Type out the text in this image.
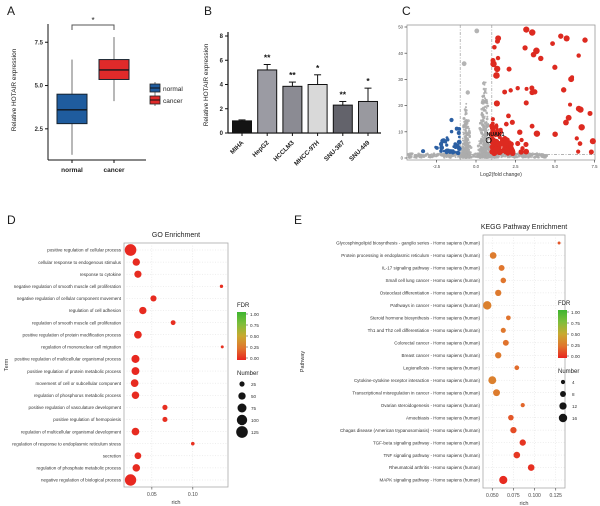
A	B	C
D	E
2.5
5.0
7.5
normal	cancer
*
Relative HOTAIR expression	normal
cancer
0
2
4
6
8
MIHA
**
HepG2
**
HCCLM3
*
MHCC-97H
**
SNU-387
*
SNU-449
Relative HOTAIR expression
-2.5	0.0	2.5	5.0	7.5
0
10
20
30
40
50
Log2(fold change)
NUAK1
GO Enrichment
positive regulation of cellular process
cellular response to endogenous stimulus
response to cytokine
negative regulation of smooth muscle cell proliferation
negative regulation of cellular component movement
regulation of cell adhesion
regulation of smooth muscle cell proliferation
positive regulation of protein modification process
regulation of mononuclear cell migration
positive regulation of multicellular organismal process
positive regulation of protein metabolic process
movement of cell or subcellular component
regulation of phosphorus metabolic process
positive regulation of vasculature development
positive regulation of hemopoiesis
regulation of multicellular organismal development
regulation of response to endoplasmic reticulum stress
secretion
regulation of phosphate metabolic process
negative regulation of biological process
0.05	0.10
rich
Term
FDR
1.00
0.75
0.50
0.25
0.00
Number
25
50
75
100
125
KEGG Pathway Enrichment
Glycosphingolipid biosynthesis - ganglio series - Homo sapiens (human)
Protein processing in endoplasmic reticulum - Homo sapiens (human)
IL-17 signaling pathway - Homo sapiens (human)
Small cell lung cancer - Homo sapiens (human)
Osteoclast differentiation - Homo sapiens (human)
Pathways in cancer - Homo sapiens (human)
Steroid hormone biosynthesis - Homo sapiens (human)
Th1 and Th2 cell differentiation - Homo sapiens (human)
Colorectal cancer - Homo sapiens (human)
Breast cancer - Homo sapiens (human)
Legionellosis - Homo sapiens (human)
Cytokine-cytokine receptor interaction - Homo sapiens (human)
Transcriptional misregulation in cancer - Homo sapiens (human)
Ovarian steroidogenesis - Homo sapiens (human)
Amoebiasis - Homo sapiens (human)
Chagas disease (American trypanosomiasis) - Homo sapiens (human)
TGF-beta signaling pathway - Homo sapiens (human)
TNF signaling pathway - Homo sapiens (human)
Rheumatoid arthritis - Homo sapiens (human)
MAPK signaling pathway - Homo sapiens (human)
0.050 0.075 0.100 0.125
rich
Pathway
FDR
1.00
0.75
0.50
0.25
0.00
Number
4
8
12
16
